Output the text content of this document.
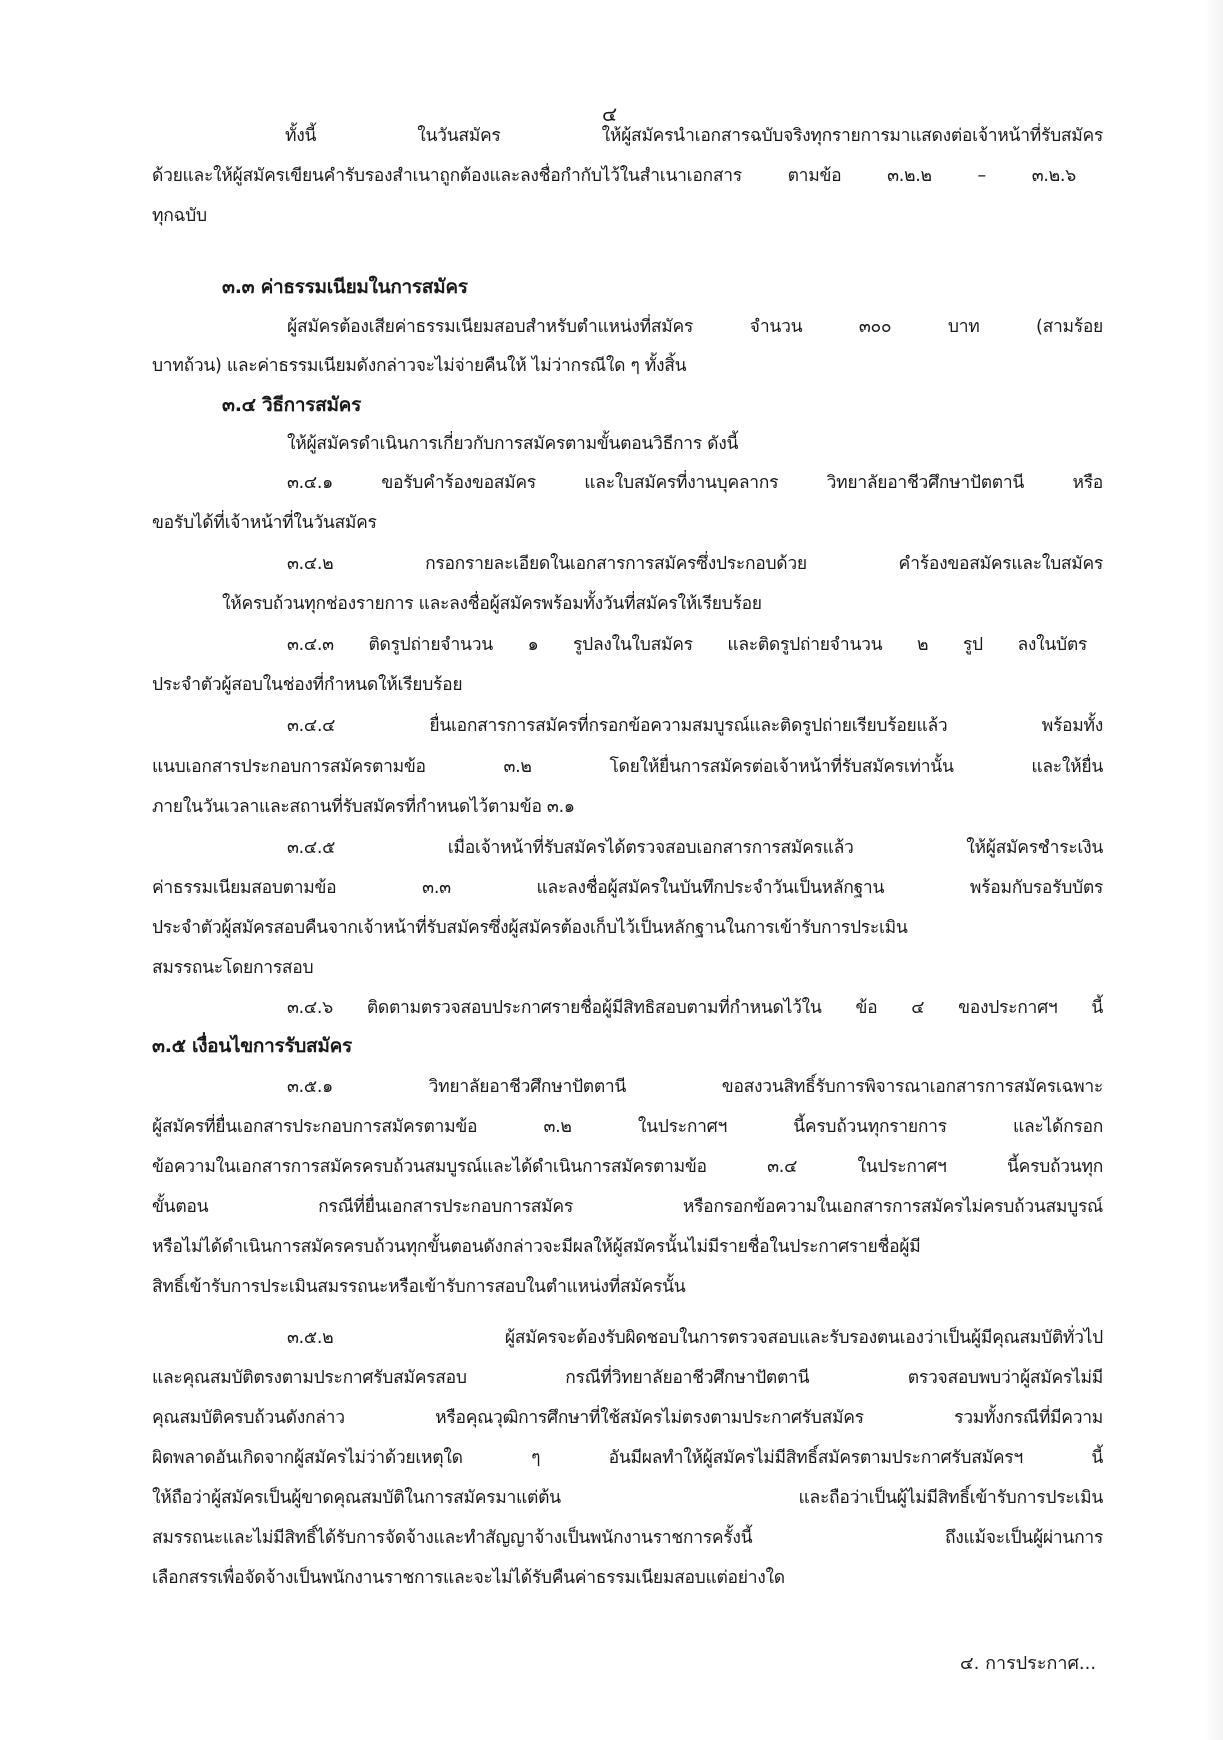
๔
ทั้งนี้ ในวันสมัคร ให้ผู้สมัครนำเอกสารฉบับจริงทุกรายการมาแสดงต่อเจ้าหน้าที่รับสมัคร
ด้วยและให้ผู้สมัครเขียนคำรับรองสำเนาถูกต้องและลงชื่อกำกับไว้ในสำเนาเอกสาร ตามข้อ ๓.๒.๒ – ๓.๒.๖
ทุกฉบับ
๓.๓ ค่าธรรมเนียมในการสมัคร
ผู้สมัครต้องเสียค่าธรรมเนียมสอบสำหรับตำแหน่งที่สมัคร จำนวน ๓๐๐ บาท (สามร้อย
บาทถ้วน) และค่าธรรมเนียมดังกล่าวจะไม่จ่ายคืนให้ ไม่ว่ากรณีใด ๆ ทั้งสิ้น
๓.๔ วิธีการสมัคร
ให้ผู้สมัครดำเนินการเกี่ยวกับการสมัครตามขั้นตอนวิธีการ ดังนี้
๓.๔.๑ ขอรับคำร้องขอสมัคร และใบสมัครที่งานบุคลากร วิทยาลัยอาชีวศึกษาปัตตานี หรือ
ขอรับได้ที่เจ้าหน้าที่ในวันสมัคร
๓.๔.๒ กรอกรายละเอียดในเอกสารการสมัครซึ่งประกอบด้วย คำร้องขอสมัครและใบสมัคร
ให้ครบถ้วนทุกช่องรายการ และลงชื่อผู้สมัครพร้อมทั้งวันที่สมัครให้เรียบร้อย
๓.๔.๓ ติดรูปถ่ายจำนวน ๑ รูปลงในใบสมัคร และติดรูปถ่ายจำนวน ๒ รูป ลงในบัตร
ประจำตัวผู้สอบในช่องที่กำหนดให้เรียบร้อย
๓.๔.๔ ยื่นเอกสารการสมัครที่กรอกข้อความสมบูรณ์และติดรูปถ่ายเรียบร้อยแล้ว พร้อมทั้ง
แนบเอกสารประกอบการสมัครตามข้อ ๓.๒ โดยให้ยื่นการสมัครต่อเจ้าหน้าที่รับสมัครเท่านั้น และให้ยื่น
ภายในวันเวลาและสถานที่รับสมัครที่กำหนดไว้ตามข้อ ๓.๑
๓.๔.๕ เมื่อเจ้าหน้าที่รับสมัครได้ตรวจสอบเอกสารการสมัครแล้ว ให้ผู้สมัครชำระเงิน
ค่าธรรมเนียมสอบตามข้อ ๓.๓ และลงชื่อผู้สมัครในบันทึกประจำวันเป็นหลักฐาน พร้อมกับรอรับบัตร
ประจำตัวผู้สมัครสอบคืนจากเจ้าหน้าที่รับสมัครซึ่งผู้สมัครต้องเก็บไว้เป็นหลักฐานในการเข้ารับการประเมิน
สมรรถนะโดยการสอบ
๓.๔.๖ ติดตามตรวจสอบประกาศรายชื่อผู้มีสิทธิสอบตามที่กำหนดไว้ใน ข้อ ๔ ของประกาศฯ นี้
๓.๕ เงื่อนไขการรับสมัคร
๓.๕.๑ วิทยาลัยอาชีวศึกษาปัตตานี ขอสงวนสิทธิ์รับการพิจารณาเอกสารการสมัครเฉพาะ
ผู้สมัครที่ยื่นเอกสารประกอบการสมัครตามข้อ ๓.๒ ในประกาศฯ นี้ครบถ้วนทุกรายการ และได้กรอก
ข้อความในเอกสารการสมัครครบถ้วนสมบูรณ์และได้ดำเนินการสมัครตามข้อ ๓.๔ ในประกาศฯ นี้ครบถ้วนทุก
ขั้นตอน กรณีที่ยื่นเอกสารประกอบการสมัคร หรือกรอกข้อความในเอกสารการสมัครไม่ครบถ้วนสมบูรณ์
หรือไม่ได้ดำเนินการสมัครครบถ้วนทุกขั้นตอนดังกล่าวจะมีผลให้ผู้สมัครนั้นไม่มีรายชื่อในประกาศรายชื่อผู้มี
สิทธิ์เข้ารับการประเมินสมรรถนะหรือเข้ารับการสอบในตำแหน่งที่สมัครนั้น
๓.๕.๒ ผู้สมัครจะต้องรับผิดชอบในการตรวจสอบและรับรองตนเองว่าเป็นผู้มีคุณสมบัติทั่วไป
และคุณสมบัติตรงตามประกาศรับสมัครสอบ กรณีที่วิทยาลัยอาชีวศึกษาปัตตานี ตรวจสอบพบว่าผู้สมัครไม่มี
คุณสมบัติครบถ้วนดังกล่าว หรือคุณวุฒิการศึกษาที่ใช้สมัครไม่ตรงตามประกาศรับสมัคร รวมทั้งกรณีที่มีความ
ผิดพลาดอันเกิดจากผู้สมัครไม่ว่าด้วยเหตุใด ๆ อันมีผลทำให้ผู้สมัครไม่มีสิทธิ์สมัครตามประกาศรับสมัครฯ นี้
ให้ถือว่าผู้สมัครเป็นผู้ขาดคุณสมบัติในการสมัครมาแต่ต้น และถือว่าเป็นผู้ไม่มีสิทธิ์เข้ารับการประเมิน
สมรรถนะและไม่มีสิทธิ์ได้รับการจัดจ้างและทำสัญญาจ้างเป็นพนักงานราชการครั้งนี้ ถึงแม้จะเป็นผู้ผ่านการ
เลือกสรรเพื่อจัดจ้างเป็นพนักงานราชการและจะไม่ได้รับคืนค่าธรรมเนียมสอบแต่อย่างใด
๔. การประกาศ...
